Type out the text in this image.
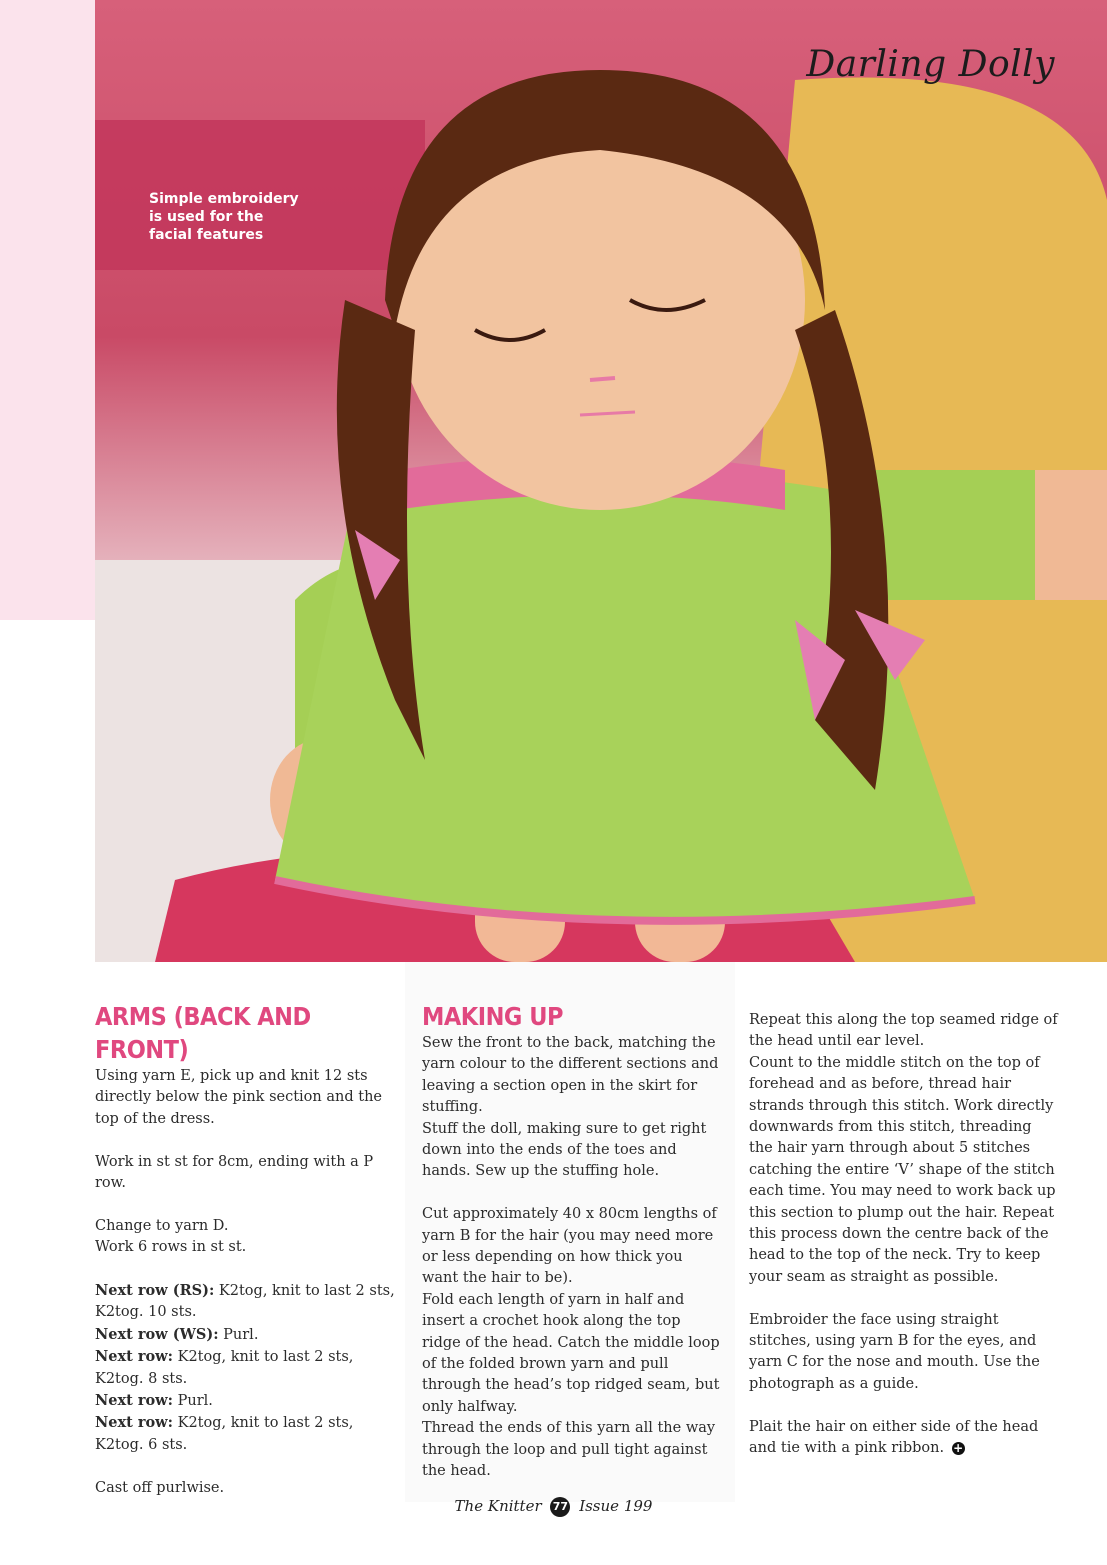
Darling Dolly
Simple embroidery is used for the facial features
ARMS (BACK AND FRONT)

Using yarn E, pick up and knit 12 sts directly below the pink section and the top of the dress.

Work in st st for 8cm, ending with a P row.

Change to yarn D.

Work 6 rows in st st.

Next row (RS): K2tog, knit to last 2 sts, K2tog. 10 sts.

Next row (WS): Purl.

Next row: K2tog, knit to last 2 sts, K2tog. 8 sts.

Next row: Purl.

Next row: K2tog, knit to last 2 sts, K2tog. 6 sts.

Cast off purlwise.

MAKING UP

Sew the front to the back, matching the yarn colour to the different sections and leaving a section open in the skirt for stuffing.

Stuff the doll, making sure to get right down into the ends of the toes and hands. Sew up the stuffing hole.

Cut approximately 40 x 80cm lengths of yarn B for the hair (you may need more or less depending on how thick you want the hair to be).

Fold each length of yarn in half and insert a crochet hook along the top ridge of the head. Catch the middle loop of the folded brown yarn and pull through the head’s top ridged seam, but only halfway.

Thread the ends of this yarn all the way through the loop and pull tight against the head.

Repeat this along the top seamed ridge of the head until ear level.

Count to the middle stitch on the top of forehead and as before, thread hair strands through this stitch. Work directly downwards from this stitch, threading the hair yarn through about 5 stitches catching the entire ‘V’ shape of the stitch each time. You may need to work back up this section to plump out the hair. Repeat this process down the centre back of the head to the top of the neck. Try to keep your seam as straight as possible.

Embroider the face using straight stitches, using yarn B for the eyes, and yarn C for the nose and mouth. Use the photograph as a guide.

Plait the hair on either side of the head and tie with a pink ribbon. +

The Knitter 77 Issue 199
